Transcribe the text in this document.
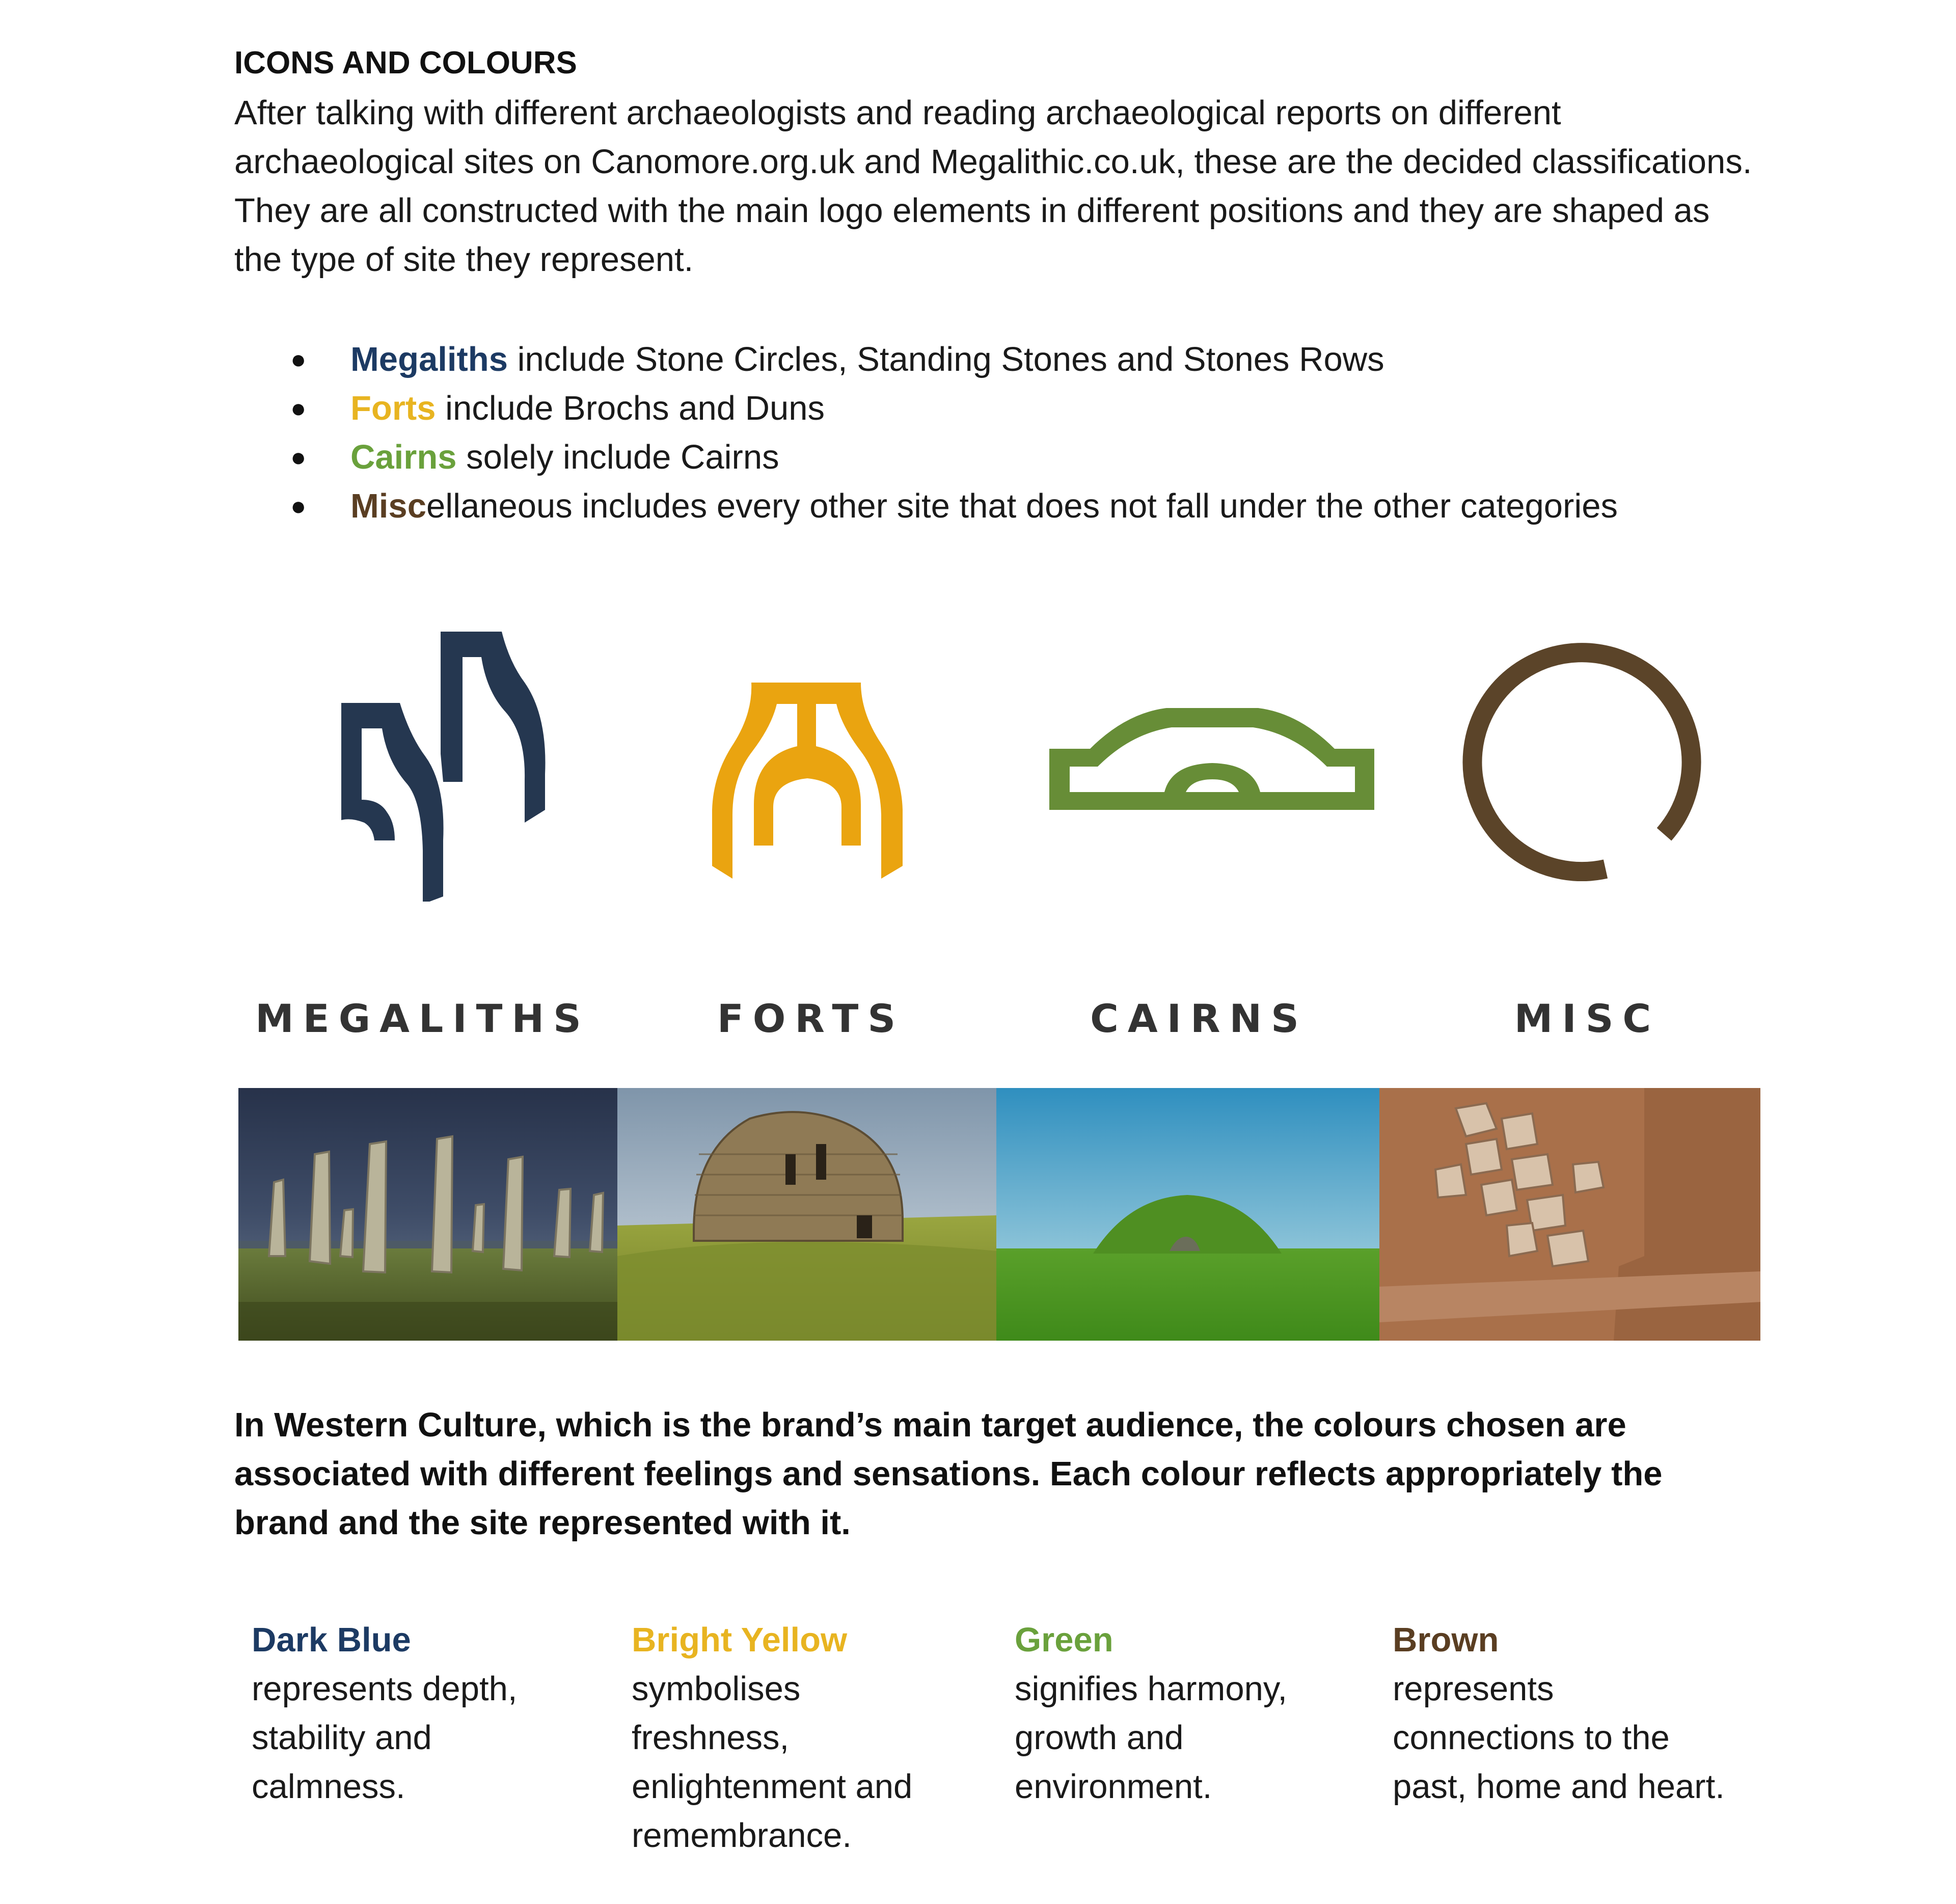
ICONS AND COLOURS

After talking with different archaeologists and reading archaeological reports on different archaeological sites on Canomore.org.uk and Megalithic.co.uk, these are the decided classifications. They are all constructed with the main logo elements in different positions and they are shaped as the type of site they represent.

● Megaliths include Stone Circles, Standing Stones and Stones Rows
● Forts include Brochs and Duns
● Cairns solely include Cairns
● Miscellaneous includes every other site that does not fall under the other categories
MEGALITHS	FORTS	CAIRNS	MISC

In Western Culture, which is the brand’s main target audience, the colours chosen are associated with different feelings and sensations. Each colour reflects appropriately the brand and the site represented with it.

Dark Blue
represents depth,
stability and
calmness.
Bright Yellow
symbolises
freshness,
enlightenment and
remembrance.
Green
signifies harmony,
growth and
environment.
Brown
represents
connections to the
past, home and heart.
